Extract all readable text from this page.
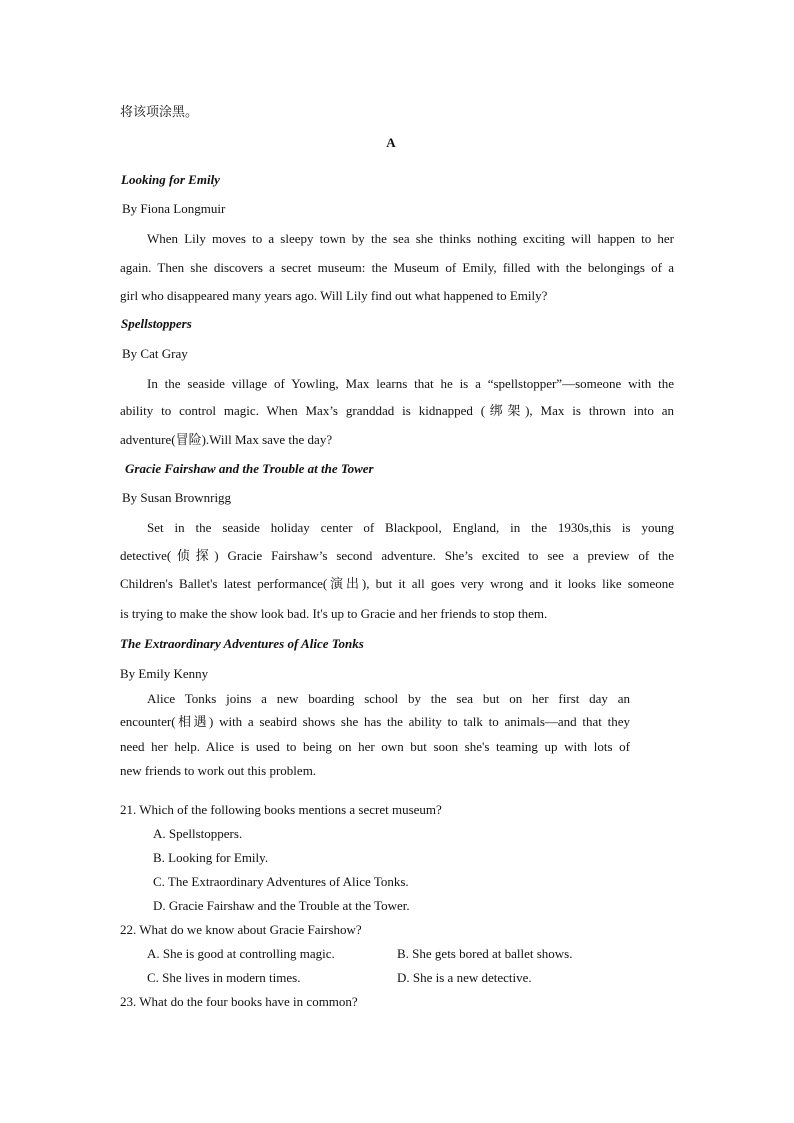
将该项涂黑。
A
Looking for Emily
By Fiona Longmuir
When Lily moves to a sleepy town by the sea she thinks nothing exciting will happen to her
again. Then she discovers a secret museum: the Museum of Emily, filled with the belongings of a
girl who disappeared many years ago. Will Lily find out what happened to Emily?
Spellstoppers
By Cat Gray
In the seaside village of Yowling, Max learns that he is a “spellstopper”—someone with the
ability to control magic. When Max’s granddad is kidnapped (绑架), Max is thrown into an
adventure(冒险).Will Max save the day?
Gracie Fairshaw and the Trouble at the Tower
By Susan Brownrigg
Set in the seaside holiday center of Blackpool, England, in the 1930s,this is young
detective(侦探) Gracie Fairshaw’s second adventure. She’s excited to see a preview of the
Children's Ballet's latest performance(演出), but it all goes very wrong and it looks like someone
is trying to make the show look bad. It's up to Gracie and her friends to stop them.
The Extraordinary Adventures of Alice Tonks
By Emily Kenny
Alice Tonks joins a new boarding school by the sea but on her first day an
encounter(相遇) with a seabird shows she has the ability to talk to animals—and that they
need her help. Alice is used to being on her own but soon she's teaming up with lots of
new friends to work out this problem.
21. Which of the following books mentions a secret museum?
A. Spellstoppers.
B. Looking for Emily.
C. The Extraordinary Adventures of Alice Tonks.
D. Gracie Fairshaw and the Trouble at the Tower.
22. What do we know about Gracie Fairshow?
A. She is good at controlling magic.	B. She gets bored at ballet shows.
C. She lives in modern times.	D. She is a new detective.
23. What do the four books have in common?
